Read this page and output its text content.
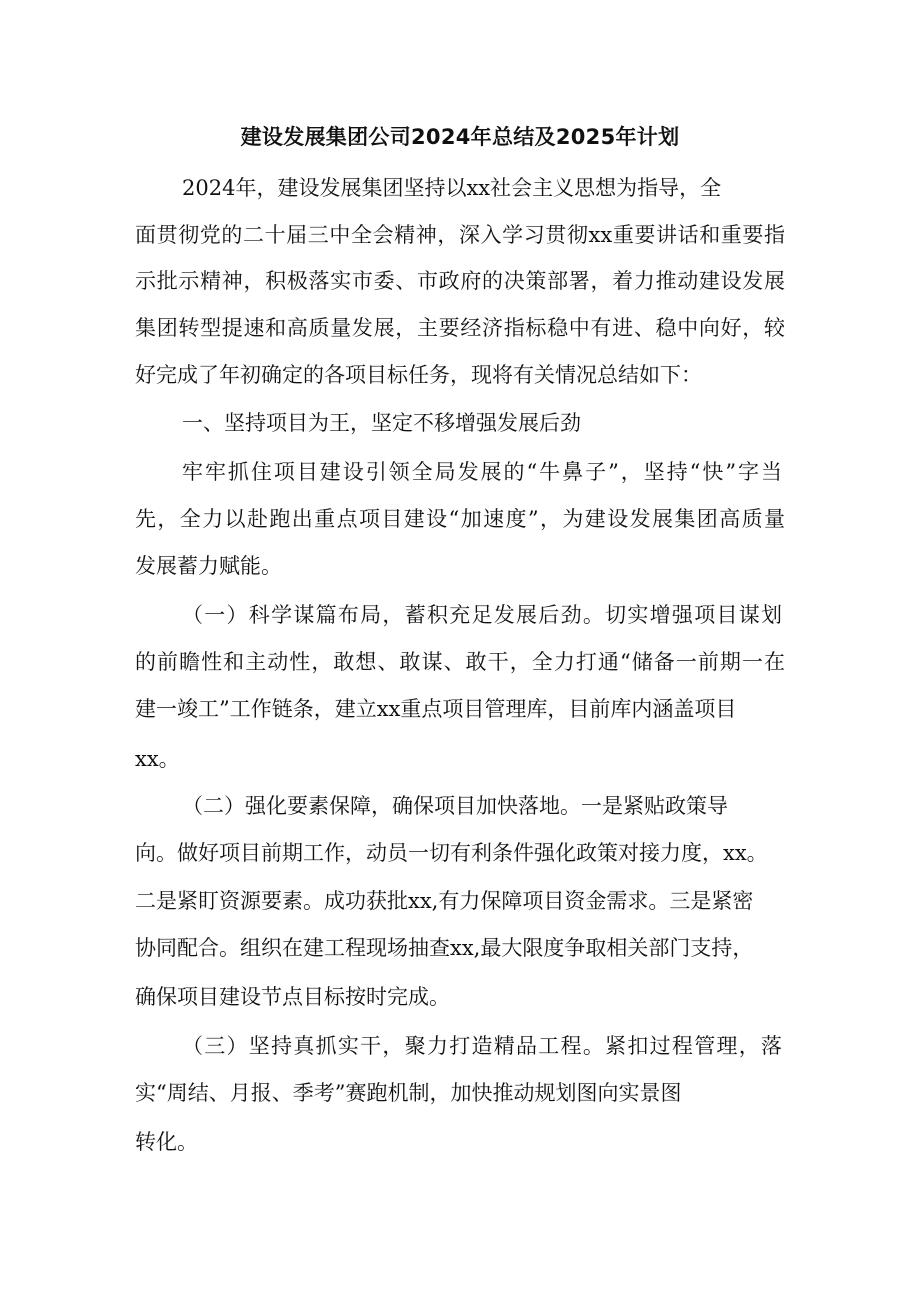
建设发展集团公司2024年总结及2025年计划

2024年，建设发展集团坚持以xx社会主义思想为指导，全

面贯彻党的二十届三中全会精神，深入学习贯彻xx重要讲话和重要指

示批示精神，积极落实市委、市政府的决策部署，着力推动建设发展

集团转型提速和高质量发展，主要经济指标稳中有进、稳中向好，较

好完成了年初确定的各项目标任务，现将有关情况总结如下：

一、坚持项目为王，坚定不移增强发展后劲

牢牢抓住项目建设引领全局发展的“牛鼻子”，坚持“快”字当

先，全力以赴跑出重点项目建设“加速度”，为建设发展集团高质量

发展蓄力赋能。

（一）科学谋篇布局，蓄积充足发展后劲。切实增强项目谋划

的前瞻性和主动性，敢想、敢谋、敢干，全力打通“储备一前期一在

建一竣工”工作链条，建立xx重点项目管理库，目前库内涵盖项目

xx。

（二）强化要素保障，确保项目加快落地。一是紧贴政策导

向。做好项目前期工作，动员一切有利条件强化政策对接力度，xx。

二是紧盯资源要素。成功获批xx,有力保障项目资金需求。三是紧密

协同配合。组织在建工程现场抽查xx,最大限度争取相关部门支持，

确保项目建设节点目标按时完成。

（三）坚持真抓实干，聚力打造精品工程。紧扣过程管理，落

实“周结、月报、季考”赛跑机制，加快推动规划图向实景图

转化。
